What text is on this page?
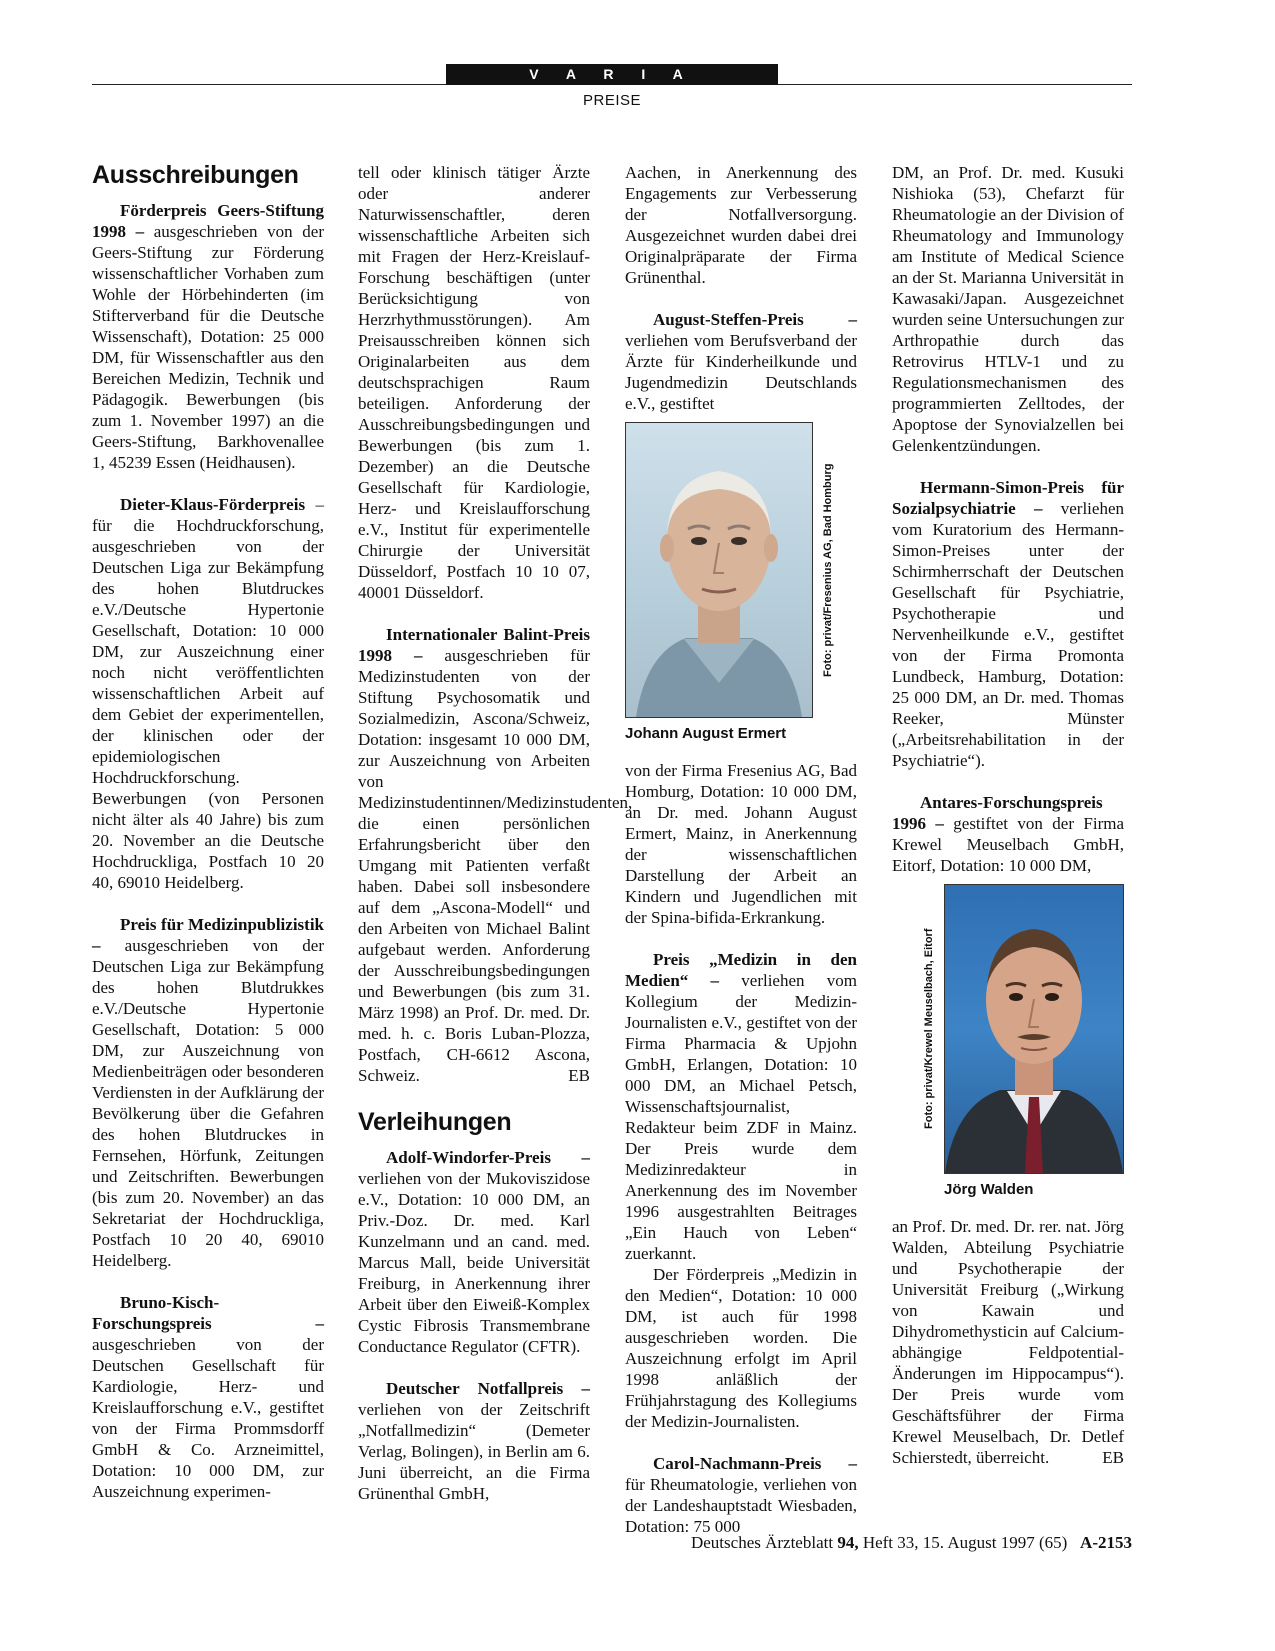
V A R I A
PREISE
Ausschreibungen

Förderpreis Geers-Stiftung 1998 – ausgeschrieben von der Geers-Stiftung zur Förderung wissenschaftlicher Vorhaben zum Wohle der Hörbehinderten (im Stifterverband für die Deutsche Wissenschaft), Dotation: 25 000 DM, für Wissenschaftler aus den Bereichen Medizin, Technik und Pädagogik. Bewerbungen (bis zum 1. November 1997) an die Geers-Stiftung, Barkhovenallee 1, 45239 Essen (Heidhausen).

Dieter-Klaus-Förderpreis – für die Hochdruckforschung, ausgeschrieben von der Deutschen Liga zur Bekämpfung des hohen Blutdruckes e.V./Deutsche Hypertonie Gesellschaft, Dotation: 10 000 DM, zur Auszeichnung einer noch nicht veröffentlichten wissenschaftlichen Arbeit auf dem Gebiet der experimentellen, der klinischen oder der epidemiologischen Hochdruckforschung. Bewerbungen (von Personen nicht älter als 40 Jahre) bis zum 20. November an die Deutsche Hochdruckliga, Postfach 10 20 40, 69010 Heidelberg.

Preis für Medizinpublizistik – ausgeschrieben von der Deutschen Liga zur Bekämpfung des hohen Blutdrukkes e.V./Deutsche Hypertonie Gesellschaft, Dotation: 5 000 DM, zur Auszeichnung von Medienbeiträgen oder besonderen Verdiensten in der Aufklärung der Bevölkerung über die Gefahren des hohen Blutdruckes in Fernsehen, Hörfunk, Zeitungen und Zeitschriften. Bewerbungen (bis zum 20. November) an das Sekretariat der Hochdruckliga, Postfach 10 20 40, 69010 Heidelberg.

Bruno-Kisch-Forschungspreis – ausgeschrieben von der Deutschen Gesellschaft für Kardiologie, Herz- und Kreislaufforschung e.V., gestiftet von der Firma Prommsdorff GmbH & Co. Arzneimittel, Dotation: 10 000 DM, zur Auszeichnung experimen-

tell oder klinisch tätiger Ärzte oder anderer Naturwissenschaftler, deren wissenschaftliche Arbeiten sich mit Fragen der Herz-Kreislauf-Forschung beschäftigen (unter Berücksichtigung von Herzrhythmusstörungen). Am Preisausschreiben können sich Originalarbeiten aus dem deutschsprachigen Raum beteiligen. Anforderung der Ausschreibungsbedingungen und Bewerbungen (bis zum 1. Dezember) an die Deutsche Gesellschaft für Kardiologie, Herz- und Kreislaufforschung e.V., Institut für experimentelle Chirurgie der Universität Düsseldorf, Postfach 10 10 07, 40001 Düsseldorf.

Internationaler Balint-Preis 1998 – ausgeschrieben für Medizinstudenten von der Stiftung Psychosomatik und Sozialmedizin, Ascona/Schweiz, Dotation: insgesamt 10 000 DM, zur Auszeichnung von Arbeiten von Medizinstudentinnen/Medizinstudenten, die einen persönlichen Erfahrungsbericht über den Umgang mit Patienten verfaßt haben. Dabei soll insbesondere auf dem „Ascona-Modell“ und den Arbeiten von Michael Balint aufgebaut werden. Anforderung der Ausschreibungsbedingungen und Bewerbungen (bis zum 31. März 1998) an Prof. Dr. med. Dr. med. h. c. Boris Luban-Plozza, Postfach, CH-6612 Ascona, Schweiz.	EB

Verleihungen

Adolf-Windorfer-Preis – verliehen von der Mukoviszidose e.V., Dotation: 10 000 DM, an Priv.-Doz. Dr. med. Karl Kunzelmann und an cand. med. Marcus Mall, beide Universität Freiburg, in Anerkennung ihrer Arbeit über den Eiweiß-Komplex Cystic Fibrosis Transmembrane Conductance Regulator (CFTR).

Deutscher Notfallpreis – verliehen von der Zeitschrift „Notfallmedizin“ (Demeter Verlag, Bolingen), in Berlin am 6. Juni überreicht, an die Firma Grünenthal GmbH,

Aachen, in Anerkennung des Engagements zur Verbesserung der Notfallversorgung. Ausgezeichnet wurden dabei drei Originalpräparate der Firma Grünenthal.

August-Steffen-Preis – verliehen vom Berufsverband der Ärzte für Kinderheilkunde und Jugendmedizin Deutschlands e.V., gestiftet

Foto: privat/Fresenius AG, Bad Homburg
Johann August Ermert

von der Firma Fresenius AG, Bad Homburg, Dotation: 10 000 DM, an Dr. med. Johann August Ermert, Mainz, in Anerkennung der wissenschaftlichen Darstellung der Arbeit an Kindern und Jugendlichen mit der Spina-bifida-Erkrankung.

Preis „Medizin in den Medien“ – verliehen vom Kollegium der Medizin-Journalisten e.V., gestiftet von der Firma Pharmacia & Upjohn GmbH, Erlangen, Dotation: 10 000 DM, an Michael Petsch, Wissenschaftsjournalist, Redakteur beim ZDF in Mainz. Der Preis wurde dem Medizinredakteur in Anerkennung des im November 1996 ausgestrahlten Beitrages „Ein Hauch von Leben“ zuerkannt.

Der Förderpreis „Medizin in den Medien“, Dotation: 10 000 DM, ist auch für 1998 ausgeschrieben worden. Die Auszeichnung erfolgt im April 1998 anläßlich der Frühjahrstagung des Kollegiums der Medizin-Journalisten.

Carol-Nachmann-Preis – für Rheumatologie, verliehen von der Landeshauptstadt Wiesbaden, Dotation: 75 000

DM, an Prof. Dr. med. Kusuki Nishioka (53), Chefarzt für Rheumatologie an der Division of Rheumatology and Immunology am Institute of Medical Science an der St. Marianna Universität in Kawasaki/Japan. Ausgezeichnet wurden seine Untersuchungen zur Arthropathie durch das Retrovirus HTLV-1 und zu Regulationsmechanismen des programmierten Zelltodes, der Apoptose der Synovialzellen bei Gelenkentzündungen.

Hermann-Simon-Preis für Sozialpsychiatrie – verliehen vom Kuratorium des Hermann-Simon-Preises unter der Schirmherrschaft der Deutschen Gesellschaft für Psychiatrie, Psychotherapie und Nervenheilkunde e.V., gestiftet von der Firma Promonta Lundbeck, Hamburg, Dotation: 25 000 DM, an Dr. med. Thomas Reeker, Münster („Arbeitsrehabilitation in der Psychiatrie“).

Antares-Forschungspreis 1996 – gestiftet von der Firma Krewel Meuselbach GmbH, Eitorf, Dotation: 10 000 DM,

Foto: privat/Krewel Meuselbach, Eitorf
Jörg Walden

an Prof. Dr. med. Dr. rer. nat. Jörg Walden, Abteilung Psychiatrie und Psychotherapie der Universität Freiburg („Wirkung von Kawain und Dihydromethysticin auf Calcium-abhängige Feldpotential-Änderungen im Hippocampus“). Der Preis wurde vom Geschäftsführer der Firma Krewel Meuselbach, Dr. Detlef Schierstedt, überreicht.	EB

Deutsches Ärzteblatt 94, Heft 33, 15. August 1997 (65) A-2153
